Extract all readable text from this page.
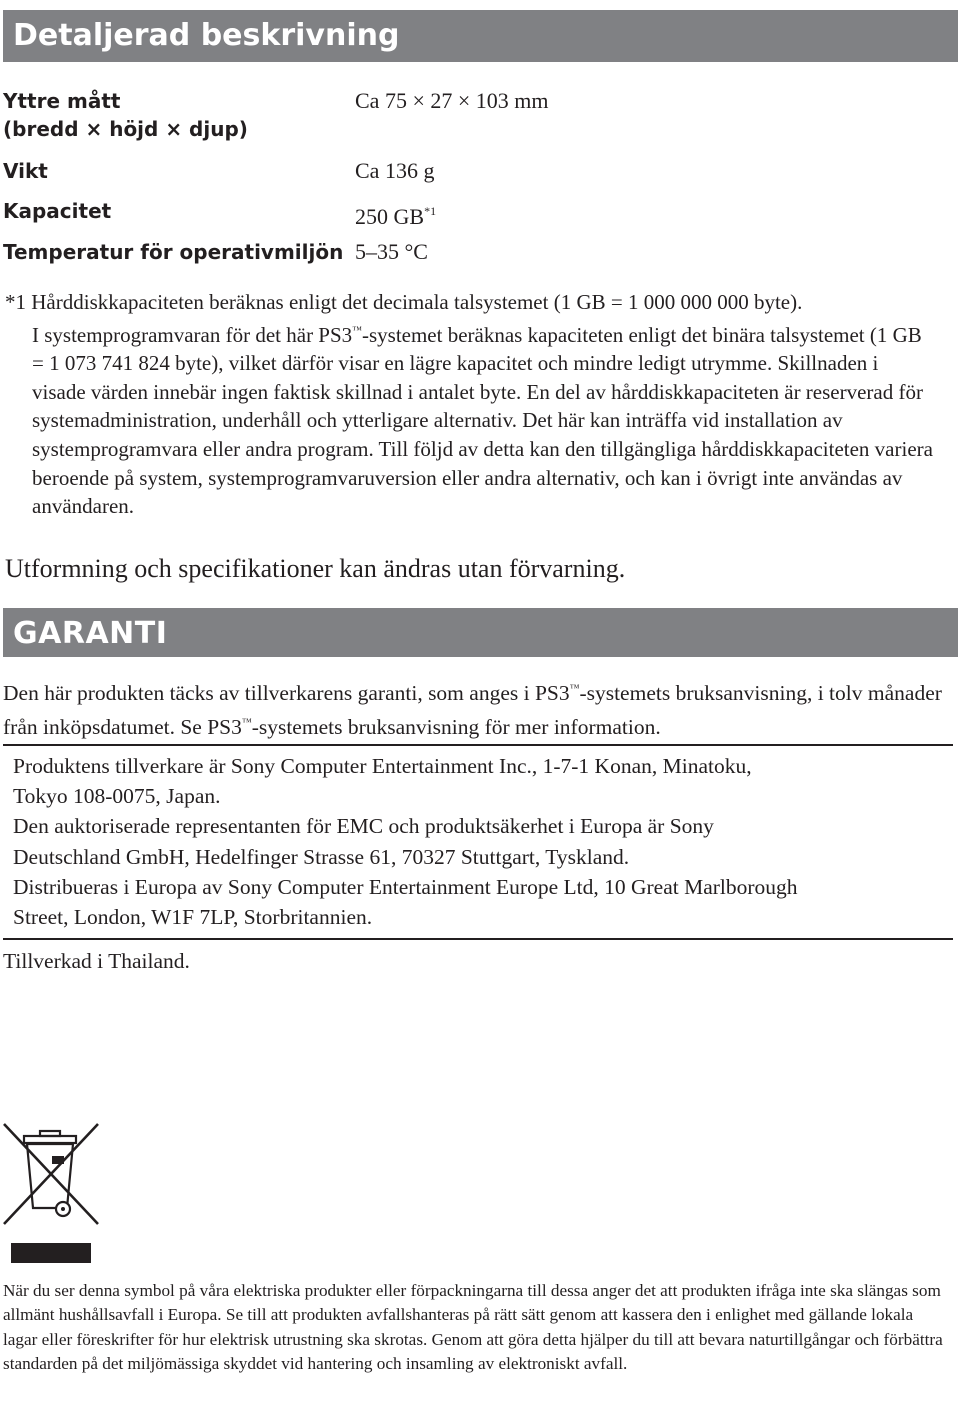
Detaljerad beskrivning
Yttre mått
(bredd × höjd × djup)
Ca 75 × 27 × 103 mm
Vikt	Ca 136 g
Kapacitet	250 GB$^{*1}$
Temperatur för operativmiljön 5–35 °C
*1 Hårddiskkapaciteten beräknas enligt det decimala talsystemet (1 GB = 1 000 000 000 byte).
I systemprogramvaran för det här PS3™-systemet beräknas kapaciteten enligt det binära talsystemet (1 GB = 1 073 741 824 byte), vilket därför visar en lägre kapacitet och mindre ledigt utrymme. Skillnaden i visade värden innebär ingen faktisk skillnad i antalet byte. En del av hårddiskkapaciteten är reserverad för systemadministration, underhåll och ytterligare alternativ. Det här kan inträffa vid installation av systemprogramvara eller andra program. Till följd av detta kan den tillgängliga hårddiskkapaciteten variera beroende på system, systemprogramvaruversion eller andra alternativ, och kan i övrigt inte användas av användaren.
Utformning och specifikationer kan ändras utan förvarning.
GARANTI
Den här produkten täcks av tillverkarens garanti, som anges i PS3™-systemets bruksanvisning, i tolv månader från inköpsdatumet. Se PS3™-systemets bruksanvisning för mer information.
Produktens tillverkare är Sony Computer Entertainment Inc., 1-7-1 Konan, Minatoku,
Tokyo 108-0075, Japan.
Den auktoriserade representanten för EMC och produktsäkerhet i Europa är Sony
Deutschland GmbH, Hedelfinger Strasse 61, 70327 Stuttgart, Tyskland.
Distribueras i Europa av Sony Computer Entertainment Europe Ltd, 10 Great Marlborough
Street, London, W1F 7LP, Storbritannien.
Tillverkad i Thailand.
När du ser denna symbol på våra elektriska produkter eller förpackningarna till dessa anger det att produkten ifråga inte ska slängas som allmänt hushållsavfall i Europa. Se till att produkten avfallshanteras på rätt sätt genom att kassera den i enlighet med gällande lokala lagar eller föreskrifter för hur elektrisk utrustning ska skrotas. Genom att göra detta hjälper du till att bevara naturtillgångar och förbättra standarden på det miljömässiga skyddet vid hantering och insamling av elektroniskt avfall.
